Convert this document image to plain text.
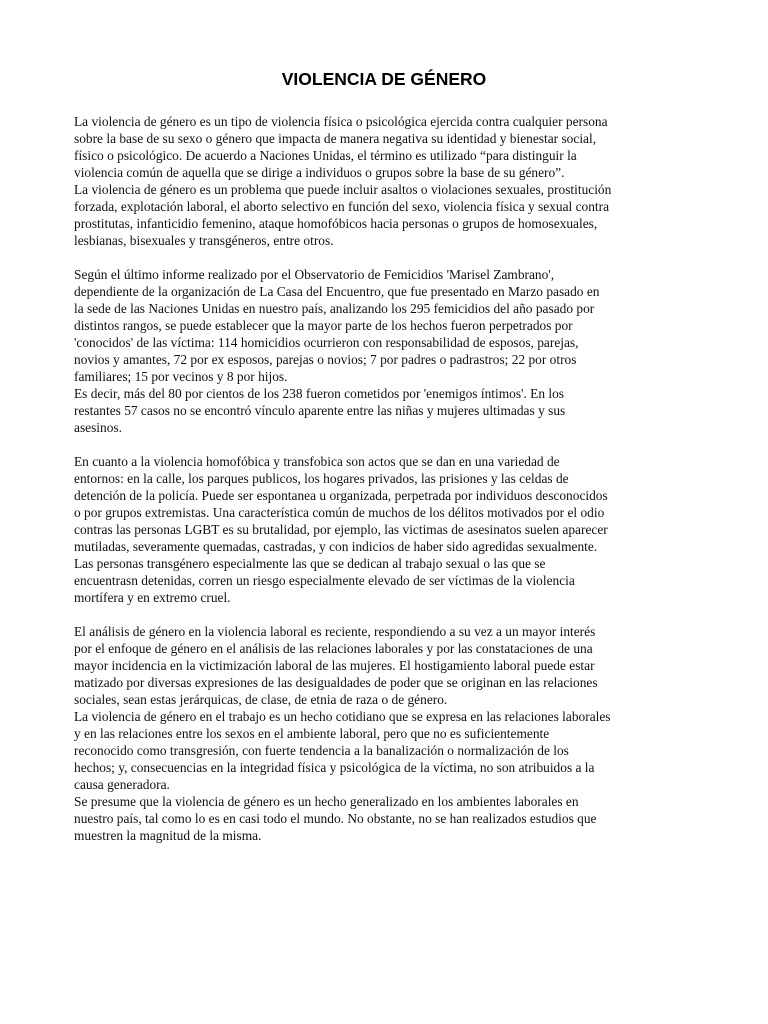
VIOLENCIA DE GÉNERO
La violencia de género es un tipo de violencia física o psicológica ejercida contra cualquier persona
sobre la base de su sexo o género que impacta de manera negativa su identidad y bienestar social,
físico o psicológico. De acuerdo a Naciones Unidas, el término es utilizado “para distinguir la
violencia común de aquella que se dirige a individuos o grupos sobre la base de su género”.
La violencia de género es un problema que puede incluir asaltos o violaciones sexuales, prostitución
forzada, explotación laboral, el aborto selectivo en función del sexo, violencia física y sexual contra
prostitutas, infanticidio femenino, ataque homofóbicos hacia personas o grupos de homosexuales,
lesbianas, bisexuales y transgéneros, entre otros.
Según el último informe realizado por el Observatorio de Femicidios 'Marisel Zambrano',
dependiente de la organización de La Casa del Encuentro, que fue presentado en Marzo pasado en
la sede de las Naciones Unidas en nuestro país, analizando los 295 femicidios del año pasado por
distintos rangos, se puede establecer que la mayor parte de los hechos fueron perpetrados por
'conocidos' de las víctima: 114 homicidios ocurrieron con responsabilidad de esposos, parejas,
novios y amantes, 72 por ex esposos, parejas o novios; 7 por padres o padrastros; 22 por otros
familiares; 15 por vecinos y 8 por hijos.
Es decir, más del 80 por cientos de los 238 fueron cometidos por 'enemigos íntimos'. En los
restantes 57 casos no se encontró vínculo aparente entre las niñas y mujeres ultimadas y sus
asesinos.
En cuanto a la violencia homofóbica y transfobica son actos que se dan en una variedad de
entornos: en la calle, los parques publicos, los hogares privados, las prisiones y las celdas de
detención de la policía. Puede ser espontanea u organizada, perpetrada por individuos desconocidos
o por grupos extremistas. Una característica común de muchos de los délitos motivados por el odio
contras las personas LGBT es su brutalidad, por ejemplo, las victimas de asesinatos suelen aparecer
mutiladas, severamente quemadas, castradas, y con indicios de haber sido agredidas sexualmente.
Las personas transgénero especialmente las que se dedican al trabajo sexual o las que se
encuentrasn detenidas, corren un riesgo especialmente elevado de ser víctimas de la violencia
mortífera y en extremo cruel.
El análisis de género en la violencia laboral es reciente, respondiendo a su vez a un mayor interés
por el enfoque de género en el análisis de las relaciones laborales y por las constataciones de una
mayor incidencia en la victimización laboral de las mujeres. El hostigamiento laboral puede estar
matizado por diversas expresiones de las desigualdades de poder que se originan en las relaciones
sociales, sean estas jerárquicas, de clase, de etnia de raza o de género.
La violencia de género en el trabajo es un hecho cotidiano que se expresa en las relaciones laborales
y en las relaciones entre los sexos en el ambiente laboral, pero que no es suficientemente
reconocido como transgresión, con fuerte tendencia a la banalización o normalización de los
hechos; y, consecuencias en la integridad física y psicológica de la víctima, no son atribuidos a la
causa generadora.
Se presume que la violencia de género es un hecho generalizado en los ambientes laborales en
nuestro país, tal como lo es en casi todo el mundo. No obstante, no se han realizados estudios que
muestren la magnitud de la misma.
